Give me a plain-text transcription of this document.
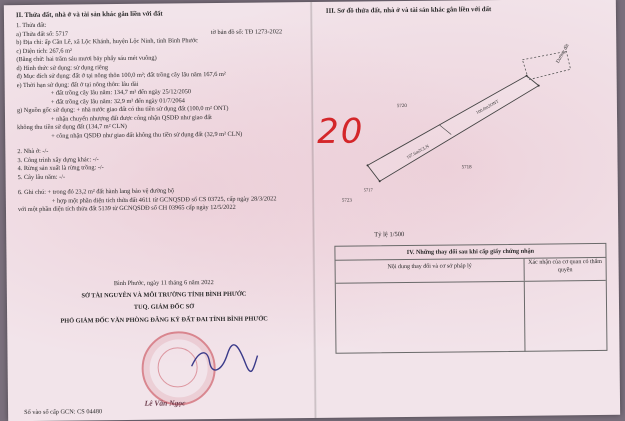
II. Thửa đất, nhà ở và tài sản khác gắn liền với đất
1. Thửa đất:
a) Thửa đất số: 5717	tờ bản đồ số: TĐ 1273-2022
b) Địa chỉ: ấp Cần Lê, xã Lộc Khánh, huyện Lộc Ninh, tỉnh Bình Phước
c) Diện tích: 267,6 m²
(Bằng chữ: hai trăm sáu mươi bảy phẩy sáu mét vuông)
d) Hình thức sử dụng: sử dụng riêng
đ) Mục đích sử dụng: đất ở tại nông thôn 100,0 m²; đất trồng cây lâu năm 167,6 m²
e) Thời hạn sử dụng: đất ở tại nông thôn: lâu dài
+ đất trồng cây lâu năm: 134,7 m² đến ngày 25/12/2050
+ đất trồng cây lâu năm: 32,9 m² đến ngày 01/7/2064
g) Nguồn gốc sử dụng: + nhà nước giao đất có thu tiền sử dụng đất (100,0 m² ONT)
+ nhận chuyển nhượng đất được công nhận QSDĐ như giao đất
không thu tiền sử dụng đất (134,7 m² CLN)
+ công nhận QSDĐ như giao đất không thu tiền sử dụng đất (32,9 m² CLN)
2. Nhà ở: -/-
3. Công trình xây dựng khác: -/-
4. Rừng sản xuất là rừng trồng: -/-
5. Cây lâu năm: -/-
6. Ghi chú: + trong đó 23,2 m² đất hành lang bảo vệ đường bộ
+ hợp một phần diện tích thửa đất 4611 từ GCNQSDĐ số CS 03725, cấp ngày 28/3/2022
với một phần diện tích thửa đất 5139 từ GCNQSDĐ số CH 03965 cấp ngày 12/5/2022
Bình Phước, ngày 11 tháng 6 năm 2022
SỞ TÀI NGUYÊN VÀ MÔI TRƯỜNG TỈNH BÌNH PHƯỚC
TUQ. GIÁM ĐỐC SỞ
PHÓ GIÁM ĐỐC VĂN PHÒNG ĐĂNG KÝ ĐẤT ĐAI TỈNH BÌNH PHƯỚC
Lê Văn Ngọc
Số vào sổ cấp GCN: CS 04480
III. Sơ đồ thửa đất, nhà ở và tài sản khác gắn liền với đất
20
Đường đất
100.0m2ONT
167.6m2CLN
5720
5718
5723
5717
Tỷ lệ 1/500
IV. Những thay đổi sau khi cấp giấy chứng nhận
Nội dung thay đổi và cơ sở pháp lý
Xác nhận của cơ quan có thẩm quyền
